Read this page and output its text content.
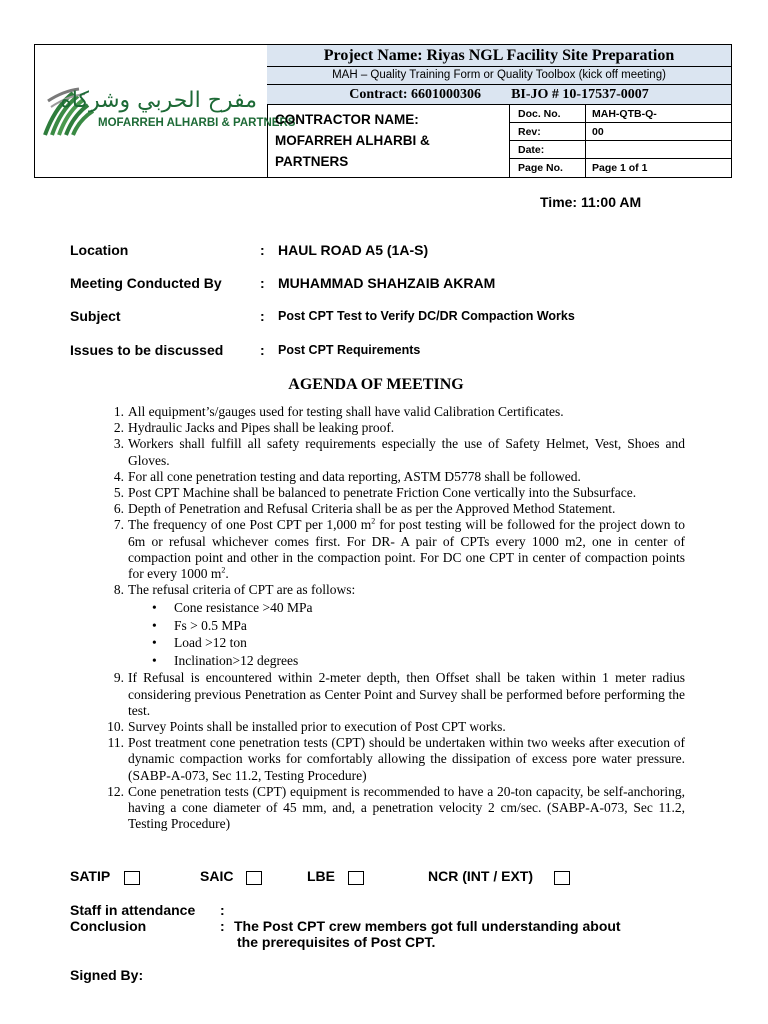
مفرح الحربي وشركاه
MOFARREH ALHARBI & PARTNERS
Project Name: Riyas NGL Facility Site Preparation
MAH – Quality Training Form or Quality Toolbox (kick off meeting)
Contract: 6601000306 BI-JO # 10-17537-0007
CONTRACTOR NAME:
MOFARREH ALHARBI &
PARTNERS
Doc. No.	MAH-QTB-Q-
Rev:	00
Date:
Page No.	Page 1 of 1
Time: 11:00 AM
Location	: HAUL ROAD A5 (1A-S)
Meeting Conducted By	: MUHAMMAD SHAHZAIB AKRAM
Subject	: Post CPT Test to Verify DC/DR Compaction Works
Issues to be discussed	: Post CPT Requirements
AGENDA OF MEETING
1. All equipment’s/gauges used for testing shall have valid Calibration Certificates.
2. Hydraulic Jacks and Pipes shall be leaking proof.
3. Workers shall fulfill all safety requirements especially the use of Safety Helmet, Vest, Shoes and Gloves.
4. For all cone penetration testing and data reporting, ASTM D5778 shall be followed.
5. Post CPT Machine shall be balanced to penetrate Friction Cone vertically into the Subsurface.
6. Depth of Penetration and Refusal Criteria shall be as per the Approved Method Statement.
7. The frequency of one Post CPT per 1,000 $m^2$ for post testing will be followed for the project down to 6m or refusal whichever comes first. For DR- A pair of CPTs every 1000 m2, one in center of compaction point and other in the compaction point. For DC one CPT in center of compaction points for every 1000 $m^2$.
8. The refusal criteria of CPT are as follows:
• Cone resistance >40 MPa
• Fs > 0.5 MPa
• Load >12 ton
• Inclination>12 degrees
9. If Refusal is encountered within 2-meter depth, then Offset shall be taken within 1 meter radius considering previous Penetration as Center Point and Survey shall be performed before performing the test.
10. Survey Points shall be installed prior to execution of Post CPT works.
11. Post treatment cone penetration tests (CPT) should be undertaken within two weeks after execution of dynamic compaction works for comfortably allowing the dissipation of excess pore water pressure. (SABP-A-073, Sec 11.2, Testing Procedure)
12. Cone penetration tests (CPT) equipment is recommended to have a 20-ton capacity, be self-anchoring, having a cone diameter of 45 mm, and, a penetration velocity 2 cm/sec. (SABP-A-073, Sec 11.2, Testing Procedure)
SATIP	SAIC	LBE	NCR (INT / EXT)
Staff in attendance :
Conclusion	: The Post CPT crew members got full understanding about
the prerequisites of Post CPT.
Signed By:
